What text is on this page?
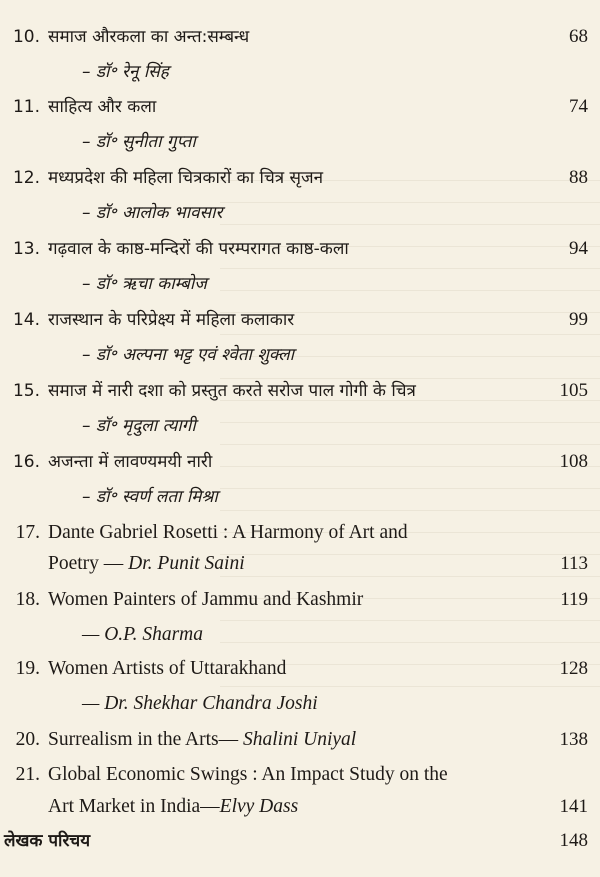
10. समाज औरकला का अन्त:सम्बन्ध	68
– डॉ॰ रेनू सिंह
11. साहित्य और कला	74
– डॉ॰ सुनीता गुप्ता
12. मध्यप्रदेश की महिला चित्रकारों का चित्र सृजन	88
– डॉ॰ आलोक भावसार
13. गढ़वाल के काष्ठ-मन्दिरों की परम्परागत काष्ठ-कला	94
– डॉ॰ ऋचा काम्बोज
14. राजस्थान के परिप्रेक्ष्य में महिला कलाकार	99
– डॉ॰ अल्पना भट्ट एवं श्वेता शुक्ला
15. समाज में नारी दशा को प्रस्तुत करते सरोज पाल गोगी के चित्र	105
– डॉ॰ मृदुला त्यागी
16. अजन्ता में लावण्यमयी नारी	108
– डॉ॰ स्वर्ण लता मिश्रा
17. Dante Gabriel Rosetti : A Harmony of Art and
Poetry — Dr. Punit Saini	113
18. Women Painters of Jammu and Kashmir	119
— O.P. Sharma
19. Women Artists of Uttarakhand	128
— Dr. Shekhar Chandra Joshi
20. Surrealism in the Arts— Shalini Uniyal	138
21. Global Economic Swings : An Impact Study on the
Art Market in India—Elvy Dass	141
लेखक परिचय	148
